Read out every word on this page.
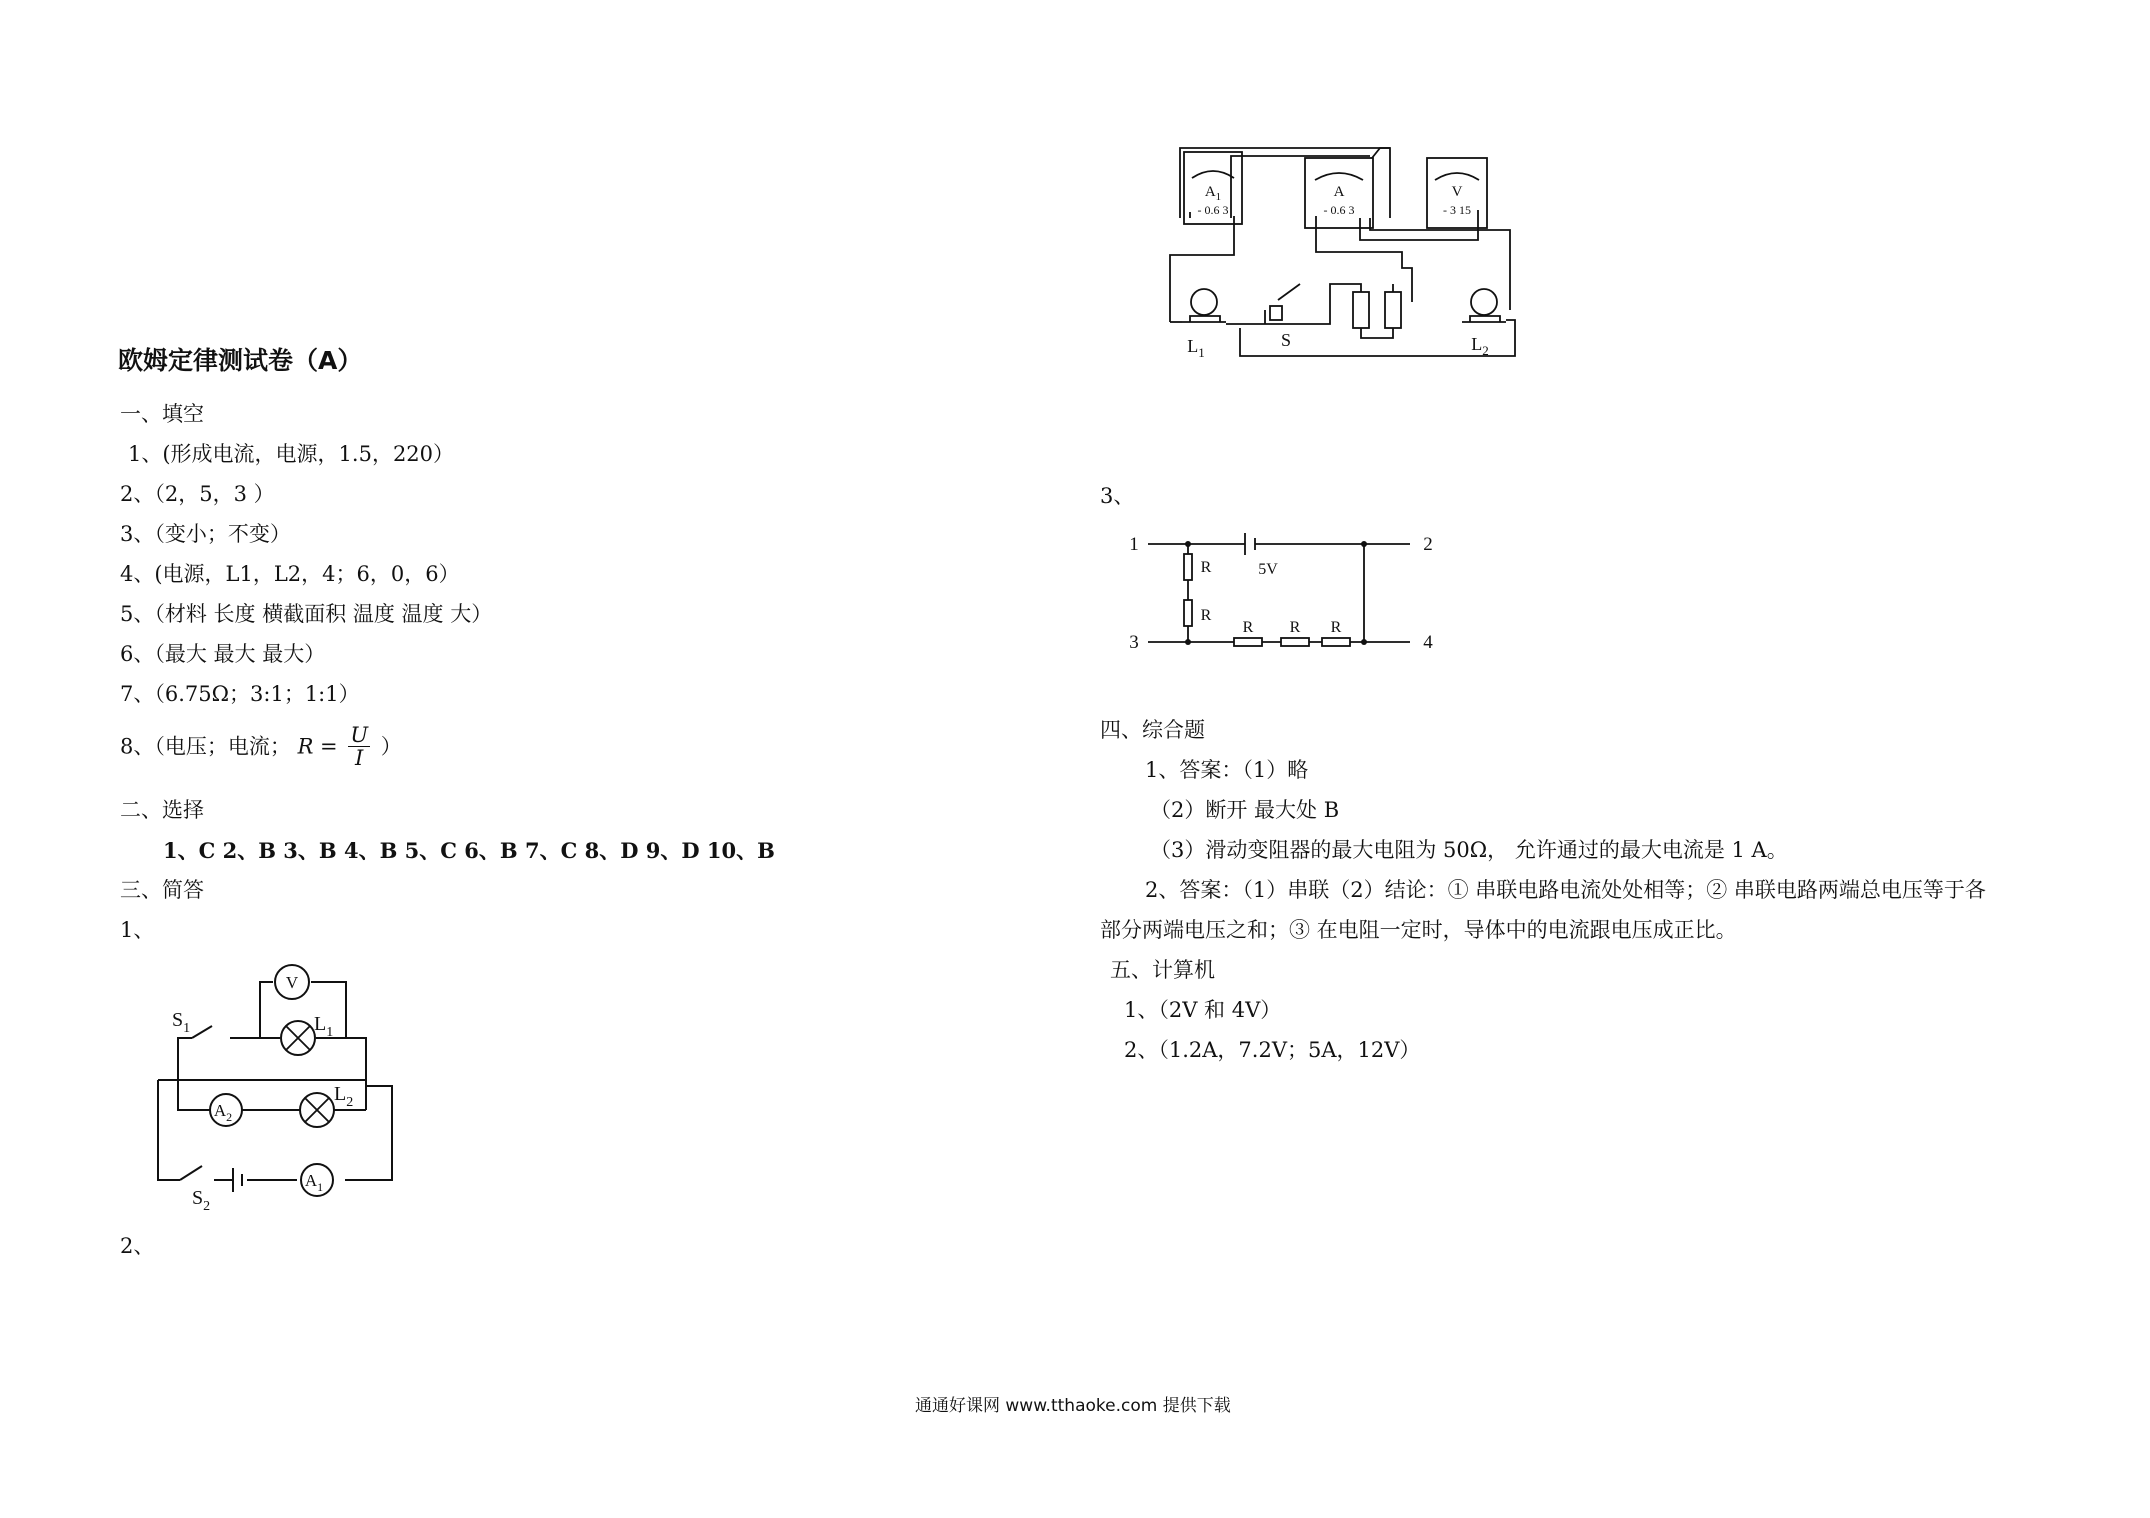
欧姆定律测试卷（A）
一、填空
1、(形成电流，电源，1.5，220）
2、（2，5，3 ）
3、（变小；不变）
4、(电源，L1，L2，4；6，0，6）
5、（材料 长度 横截面积 温度 温度 大）
6、（最大 最大 最大）
7、（6.75Ω；3:1；1:1）
8、（电压；电流； $R = \frac{U}{I}$ ）
二、选择
1、C 2、B 3、B 4、B 5、C 6、B 7、C 8、D 9、D 10、B
三、简答
1、
2、
V
$A_2$
$A_1$
$S_1$	$L_1$
$L_2$
$S_2$
$A_1$
- 0.6 3
A
- 0.6 3
V
- 3 15
$L_1$
S	$L_2$
3、
1	2
3	4
5V
R
R
R R R
四、综合题
1、答案：（1）略
（2）断开 最大处 B
（3）滑动变阻器的最大电阻为 50Ω， 允许通过的最大电流是 1 A。
2、答案：（1）串联（2）结论：① 串联电路电流处处相等；② 串联电路两端总电压等于各
部分两端电压之和；③ 在电阻一定时，导体中的电流跟电压成正比。
五、计算机
1、（2V 和 4V）
2、（1.2A，7.2V；5A，12V）
通通好课网 www.tthaoke.com 提供下载
